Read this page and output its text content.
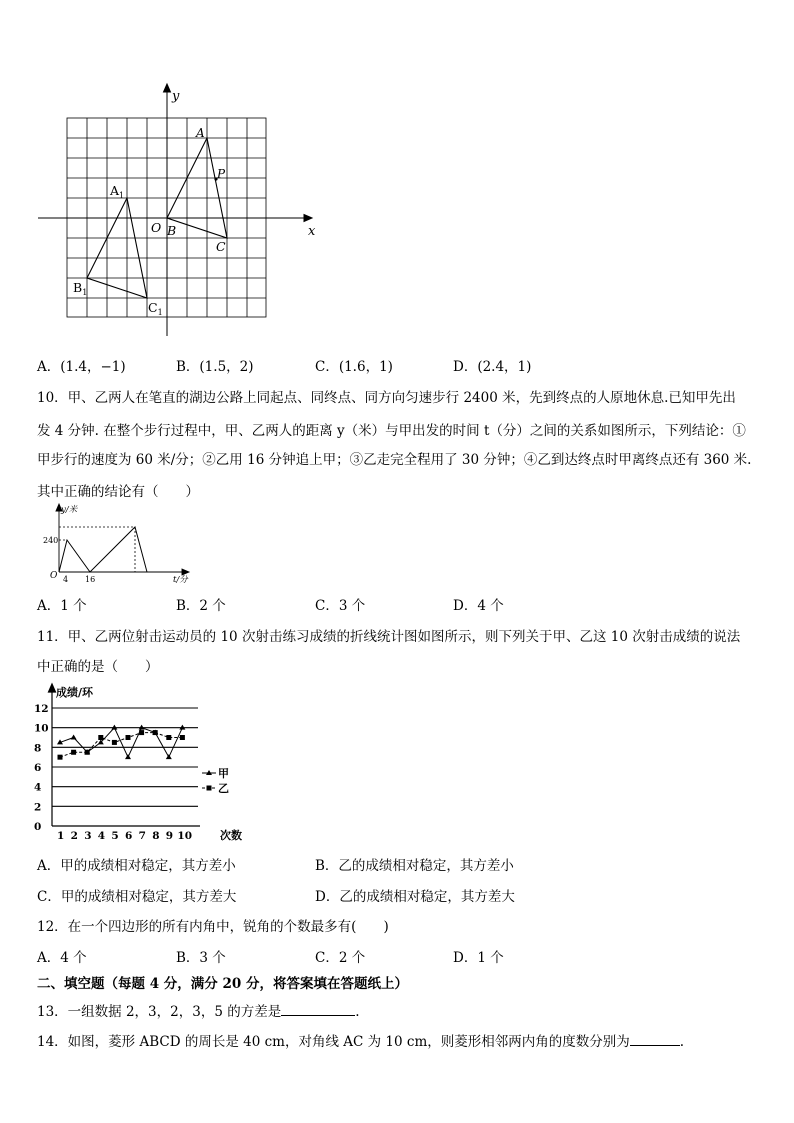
x
y
O B
A
P
C
$A_1$
$B_1$
$C_1$
A．(1.4，−1)	B．(1.5，2)	C．(1.6，1)	D．(2.4，1)
10．甲、乙两人在笔直的湖边公路上同起点、同终点、同方向匀速步行 2400 米，先到终点的人原地休息.已知甲先出
发 4 分钟. 在整个步行过程中，甲、乙两人的距离 y（米）与甲出发的时间 t（分）之间的关系如图所示，下列结论：①
甲步行的速度为 60 米/分；②乙用 16 分钟追上甲；③乙走完全程用了 30 分钟；④乙到达终点时甲离终点还有 360 米.
其中正确的结论有（　　）
y/米
t/分
O
240
4 16
A．1 个	B．2 个	C．3 个	D．4 个
11．甲、乙两位射击运动员的 10 次射击练习成绩的折线统计图如图所示，则下列关于甲、乙这 10 次射击成绩的说法
中正确的是（　　）
成绩/环
次数
0
2
4
6
8
10
12
1 2 3 4 5 6 7 8 9 10
甲
乙
A．甲的成绩相对稳定，其方差小	B．乙的成绩相对稳定，其方差小
C．甲的成绩相对稳定，其方差大	D．乙的成绩相对稳定，其方差大
12．在一个四边形的所有内角中，锐角的个数最多有(　　)
A．4 个	B．3 个	C．2 个	D．1 个
二、填空题（每题 4 分，满分 20 分，将答案填在答题纸上）
13．一组数据 2，3，2，3，5 的方差是	.
14．如图，菱形 ABCD 的周长是 40 cm，对角线 AC 为 10 cm，则菱形相邻两内角的度数分别为	.
